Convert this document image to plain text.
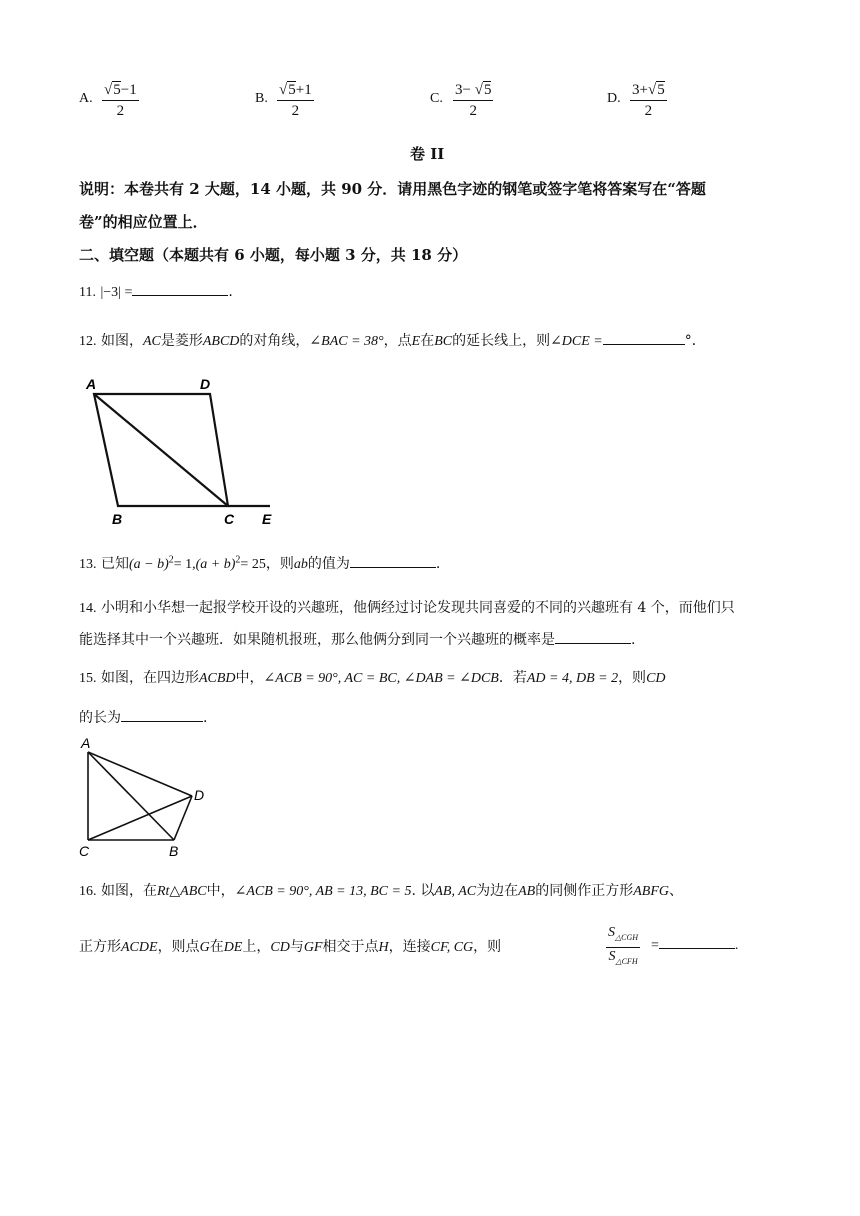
A. $\frac{√5-1}{2}$	B. $\frac{√5+1}{2}$	C. $\frac{3- √5}{2}$	D. $\frac{3+√5}{2}$
卷 II
说明：本卷共有 2 大题，14 小题，共 90 分．请用黑色字迹的钢笔或签字笔将答案写在“答题
卷”的相应位置上．
二、填空题（本题共有 6 小题，每小题 3 分，共 18 分）
11. |−3| =	.
12. 如图，AC是菱形ABCD的对角线，∠BAC = 38°，点E在BC的延长线上，则∠DCE =	°．
A	D
B	C E
13. 已知$(a - b)^2= 1,(a + b)^2= 25$，则ab的值为	.
14. 小明和小华想一起报学校开设的兴趣班，他俩经过讨论发现共同喜爱的不同的兴趣班有 4 个，而他们只
能选择其中一个兴趣班．如果随机报班，那么他俩分到同一个兴趣班的概率是	.
15. 如图，在四边形ACBD中，∠ACB = 90°, AC = BC, ∠DAB = ∠DCB．若AD = 4, DB = 2，则CD
的长为	.
A
D
C	B
16. 如图，在Rt△ABC中，∠ACB = 90°, AB = 13, BC = 5. 以AB, AC为边在AB的同侧作正方形ABFG、
正方形ACDE，则点G在DE上，CD与GF相交于点H，连接CF, CG，则
$S_{\triangle CGH}$
$S_{\triangle CFH}$
=	.
